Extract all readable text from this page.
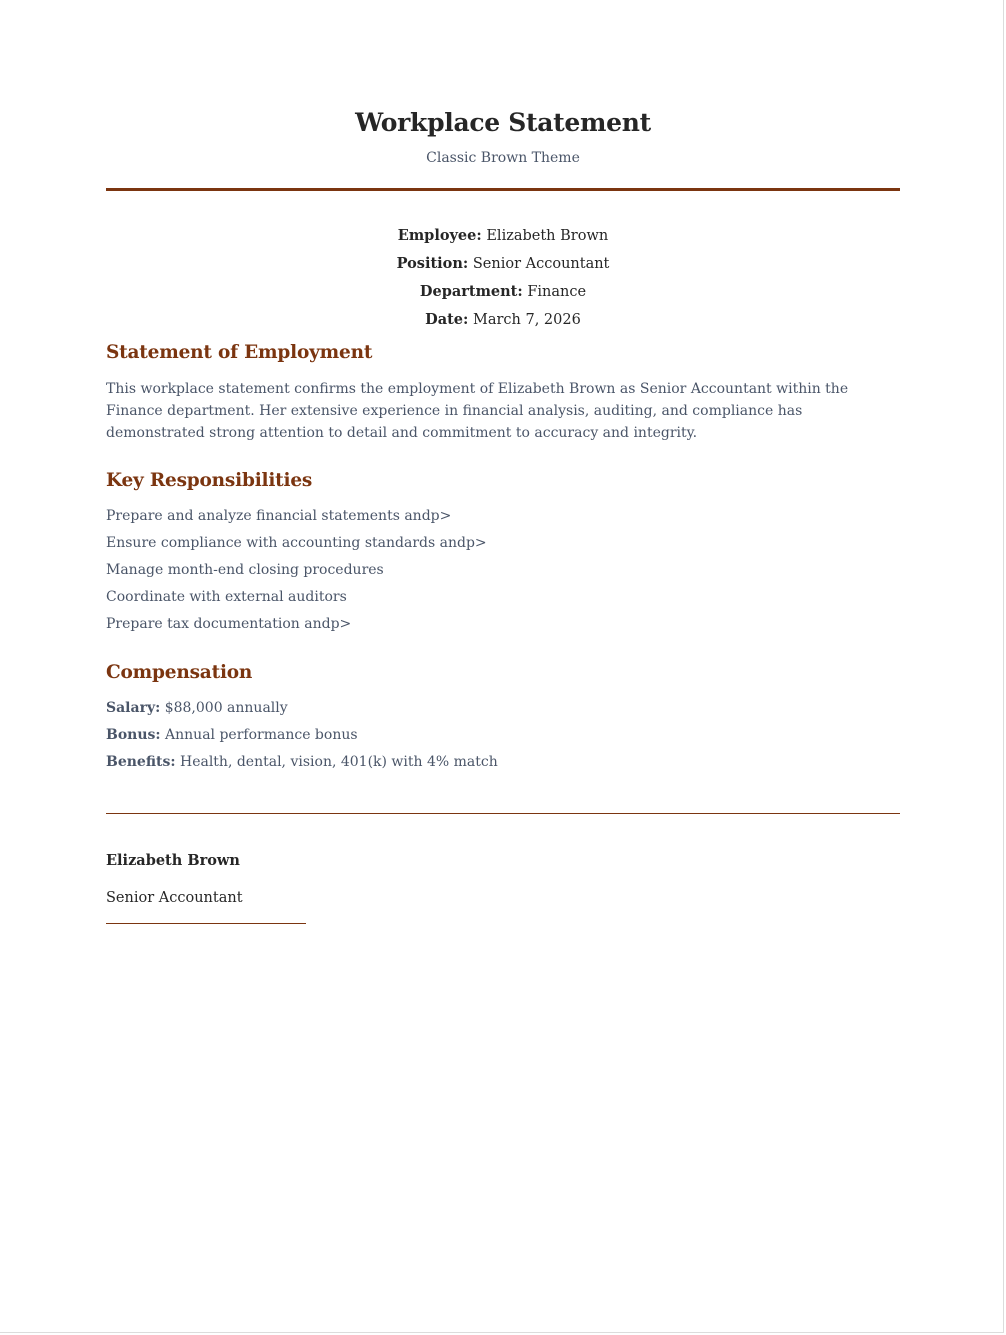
Workplace Statement
Classic Brown Theme
Employee: Elizabeth Brown
Position: Senior Accountant
Department: Finance
Date: March 7, 2026
Statement of Employment

This workplace statement confirms the employment of Elizabeth Brown as Senior Accountant within the Finance department. Her extensive experience in financial analysis, auditing, and compliance has demonstrated strong attention to detail and commitment to accuracy and integrity.

Key Responsibilities
Prepare and analyze financial statements andp>
Ensure compliance with accounting standards andp>
Manage month-end closing procedures
Coordinate with external auditors
Prepare tax documentation andp>
Compensation
Salary: $88,000 annually
Bonus: Annual performance bonus
Benefits: Health, dental, vision, 401(k) with 4% match
Elizabeth Brown
Senior Accountant
